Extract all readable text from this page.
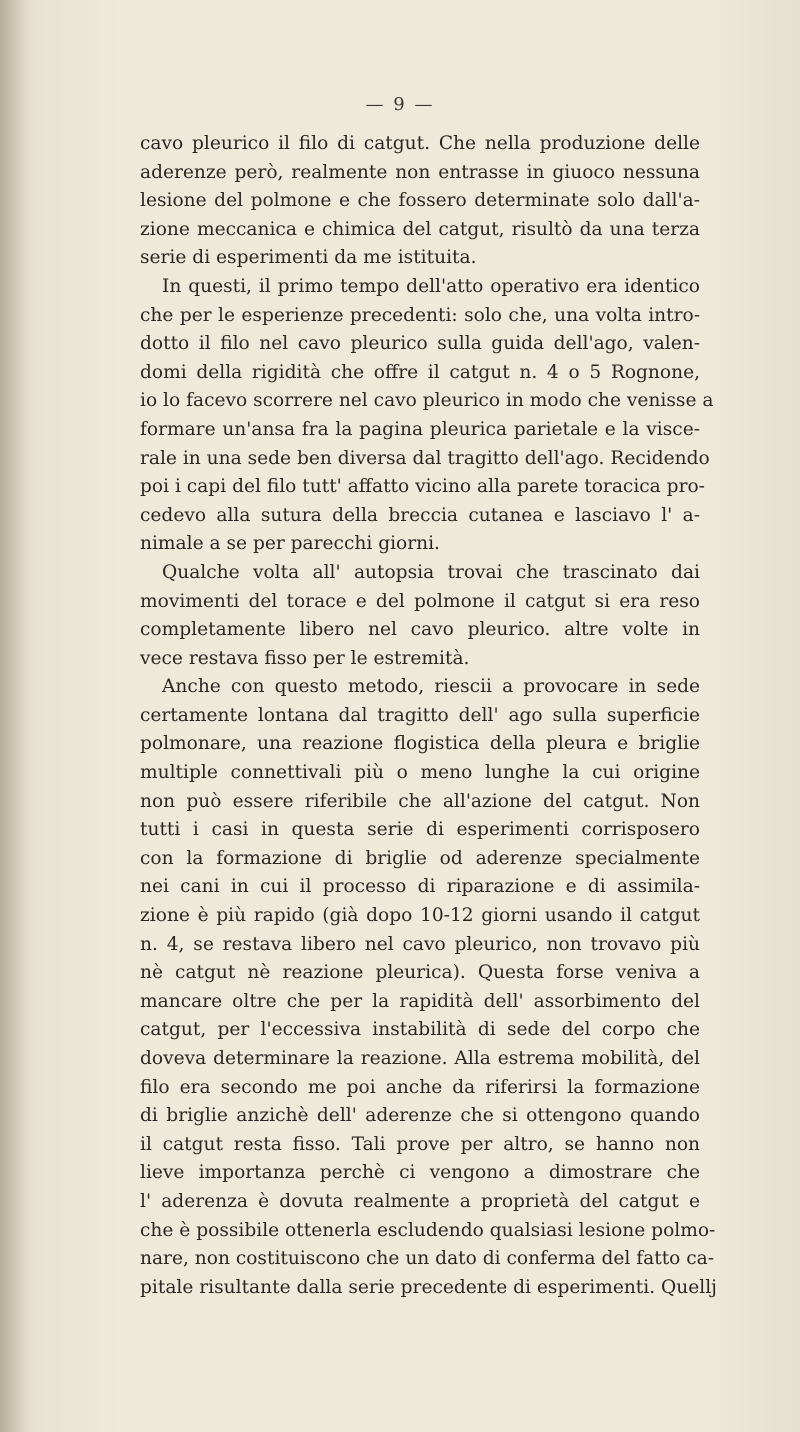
— 9 —
cavo pleurico il filo di catgut. Che nella produzione delle
aderenze però, realmente non entrasse in giuoco nessuna
lesione del polmone e che fossero determinate solo dall'a-
zione meccanica e chimica del catgut, risultò da una terza
serie di esperimenti da me istituita.
In questi, il primo tempo dell'atto operativo era identico
che per le esperienze precedenti: solo che, una volta intro-
dotto il filo nel cavo pleurico sulla guida dell'ago, valen-
domi della rigidità che offre il catgut n. 4 o 5 Rognone,
io lo facevo scorrere nel cavo pleurico in modo che venisse a
formare un'ansa fra la pagina pleurica parietale e la visce-
rale in una sede ben diversa dal tragitto dell'ago. Recidendo
poi i capi del filo tutt' affatto vicino alla parete toracica pro-
cedevo alla sutura della breccia cutanea e lasciavo l' a-
nimale a se per parecchi giorni.
Qualche volta all' autopsia trovai che trascinato dai
movimenti del torace e del polmone il catgut si era reso
completamente libero nel cavo pleurico. altre volte in
vece restava fisso per le estremità.
Anche con questo metodo, riescii a provocare in sede
certamente lontana dal tragitto dell' ago sulla superficie
polmonare, una reazione flogistica della pleura e briglie
multiple connettivali più o meno lunghe la cui origine
non può essere riferibile che all'azione del catgut. Non
tutti i casi in questa serie di esperimenti corrisposero
con la formazione di briglie od aderenze specialmente
nei cani in cui il processo di riparazione e di assimila-
zione è più rapido (già dopo 10-12 giorni usando il catgut
n. 4, se restava libero nel cavo pleurico, non trovavo più
nè catgut nè reazione pleurica). Questa forse veniva a
mancare oltre che per la rapidità dell' assorbimento del
catgut, per l'eccessiva instabilità di sede del corpo che
doveva determinare la reazione. Alla estrema mobilità, del
filo era secondo me poi anche da riferirsi la formazione
di briglie anzichè dell' aderenze che si ottengono quando
il catgut resta fisso. Tali prove per altro, se hanno non
lieve importanza perchè ci vengono a dimostrare che
l' aderenza è dovuta realmente a proprietà del catgut e
che è possibile ottenerla escludendo qualsiasi lesione polmo-
nare, non costituiscono che un dato di conferma del fatto ca-
pitale risultante dalla serie precedente di esperimenti. Quellj
